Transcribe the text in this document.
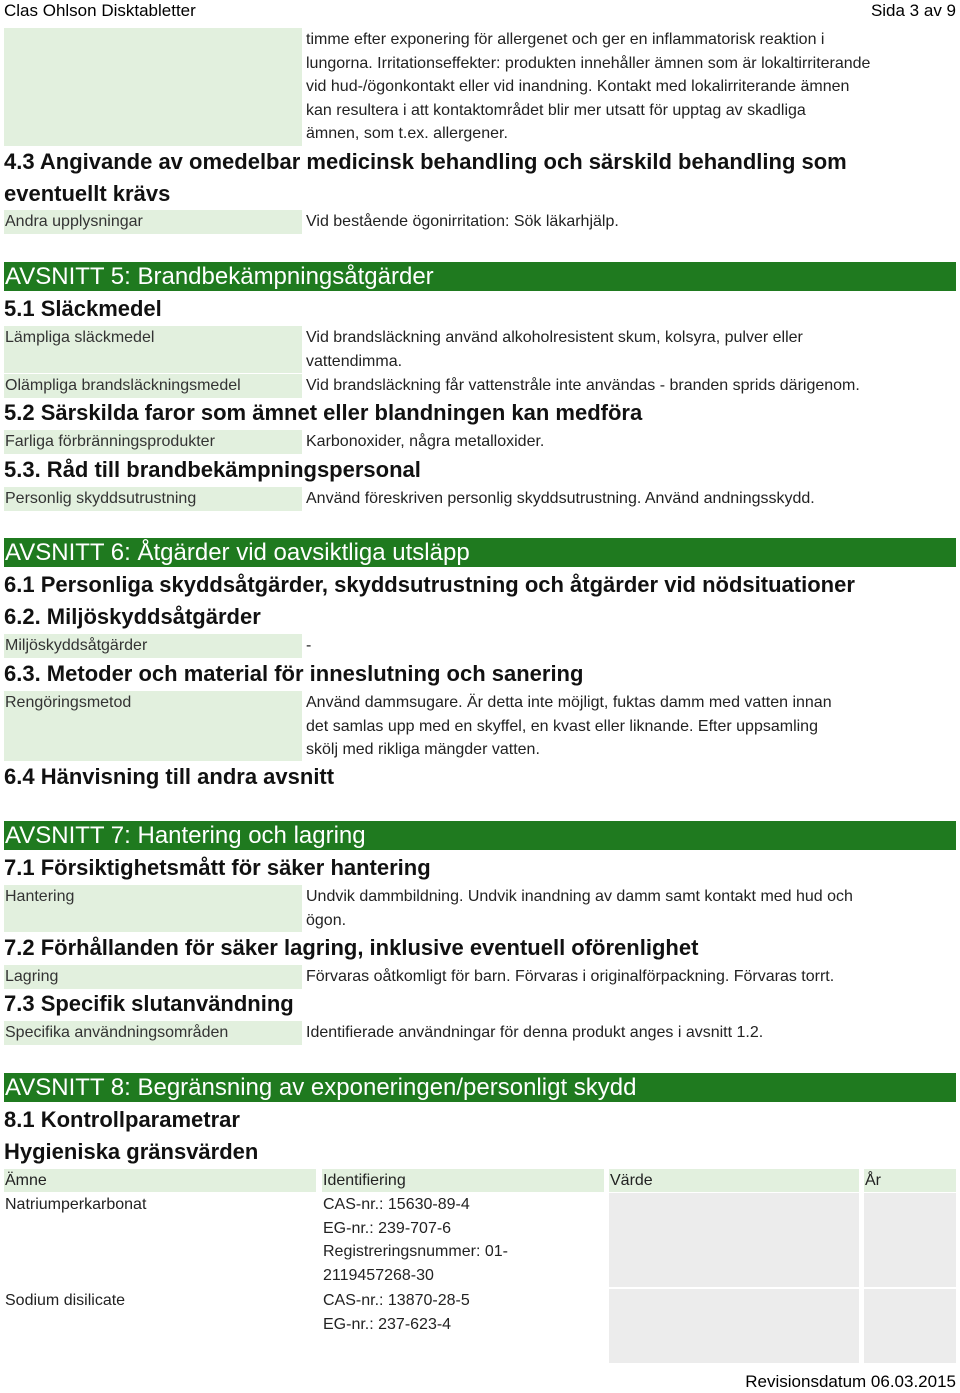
Clas Ohlson Disktabletter	Sida 3 av 9
timme efter exponering för allergenet och ger en inflammatorisk reaktion i
lungorna. Irritationseffekter: produkten innehåller ämnen som är lokaltirriterande
vid hud-/ögonkontakt eller vid inandning. Kontakt med lokalirriterande ämnen
kan resultera i att kontaktområdet blir mer utsatt för upptag av skadliga
ämnen, som t.ex. allergener.
4.3 Angivande av omedelbar medicinsk behandling och särskild behandling som
eventuellt krävs
Andra upplysningar	Vid bestående ögonirritation: Sök läkarhjälp.
AVSNITT 5: Brandbekämpningsåtgärder
5.1 Släckmedel
Lämpliga släckmedel	Vid brandsläckning använd alkoholresistent skum, kolsyra, pulver eller
vattendimma.
Olämpliga brandsläckningsmedel	Vid brandsläckning får vattenstråle inte användas - branden sprids därigenom.
5.2 Särskilda faror som ämnet eller blandningen kan medföra
Farliga förbränningsprodukter	Karbonoxider, några metalloxider.
5.3. Råd till brandbekämpningspersonal
Personlig skyddsutrustning	Använd föreskriven personlig skyddsutrustning. Använd andningsskydd.
AVSNITT 6: Åtgärder vid oavsiktliga utsläpp
6.1 Personliga skyddsåtgärder, skyddsutrustning och åtgärder vid nödsituationer
6.2. Miljöskyddsåtgärder
Miljöskyddsåtgärder	-
6.3. Metoder och material för inneslutning och sanering
Rengöringsmetod	Använd dammsugare. Är detta inte möjligt, fuktas damm med vatten innan
det samlas upp med en skyffel, en kvast eller liknande. Efter uppsamling
skölj med rikliga mängder vatten.
6.4 Hänvisning till andra avsnitt
AVSNITT 7: Hantering och lagring
7.1 Försiktighetsmått för säker hantering
Hantering	Undvik dammbildning. Undvik inandning av damm samt kontakt med hud och
ögon.
7.2 Förhållanden för säker lagring, inklusive eventuell oförenlighet
Lagring	Förvaras oåtkomligt för barn. Förvaras i originalförpackning. Förvaras torrt.
7.3 Specifik slutanvändning
Specifika användningsområden	Identifierade användningar för denna produkt anges i avsnitt 1.2.
AVSNITT 8: Begränsning av exponeringen/personligt skydd
8.1 Kontrollparametrar
Hygieniska gränsvärden
Ämne	Identifiering	Värde	År
Natriumperkarbonat	CAS-nr.: 15630-89-4
EG-nr.: 239-707-6
Registreringsnummer: 01-
2119457268-30
Sodium disilicate	CAS-nr.: 13870-28-5
EG-nr.: 237-623-4
Revisionsdatum 06.03.2015
